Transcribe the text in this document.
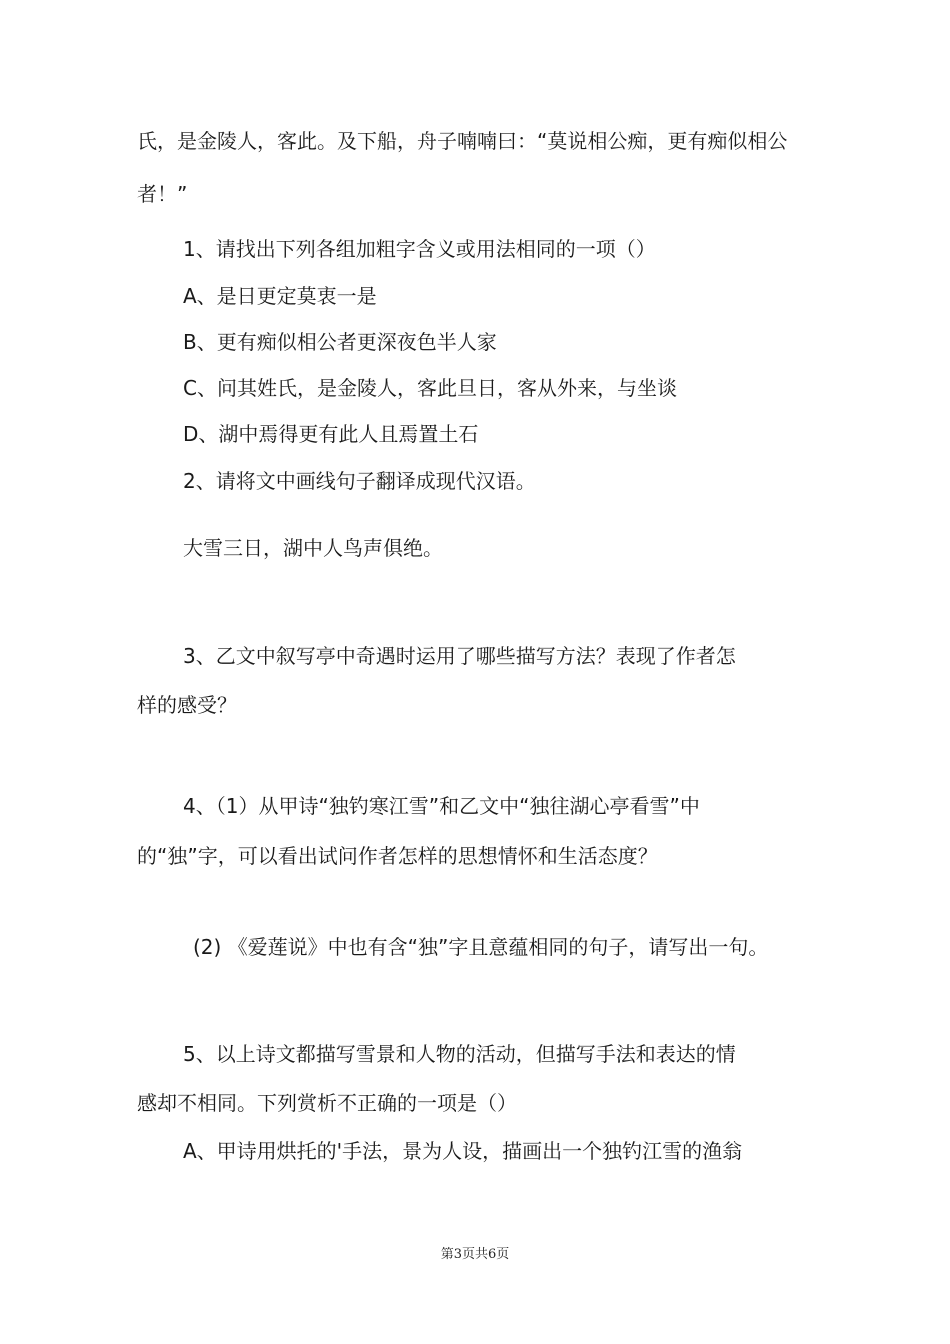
氏，是金陵人，客此。及下船，舟子喃喃曰：“莫说相公痴，更有痴似相公

者！”

1、请找出下列各组加粗字含义或用法相同的一项（）

A、是日更定莫衷一是

B、更有痴似相公者更深夜色半人家

C、问其姓氏，是金陵人，客此旦日，客从外来，与坐谈

D、湖中焉得更有此人且焉置土石

2、请将文中画线句子翻译成现代汉语。

大雪三日，湖中人鸟声俱绝。

3、乙文中叙写亭中奇遇时运用了哪些描写方法？表现了作者怎

样的感受？

4、（1）从甲诗“独钓寒江雪”和乙文中“独往湖心亭看雪”中

的“独”字，可以看出试问作者怎样的思想情怀和生活态度？

(2) 《爱莲说》中也有含“独”字且意蕴相同的句子，请写出一句。

5、以上诗文都描写雪景和人物的活动，但描写手法和表达的情

感却不相同。下列赏析不正确的一项是（）

A、甲诗用烘托的'手法，景为人设，描画出一个独钓江雪的渔翁

第3页共6页
